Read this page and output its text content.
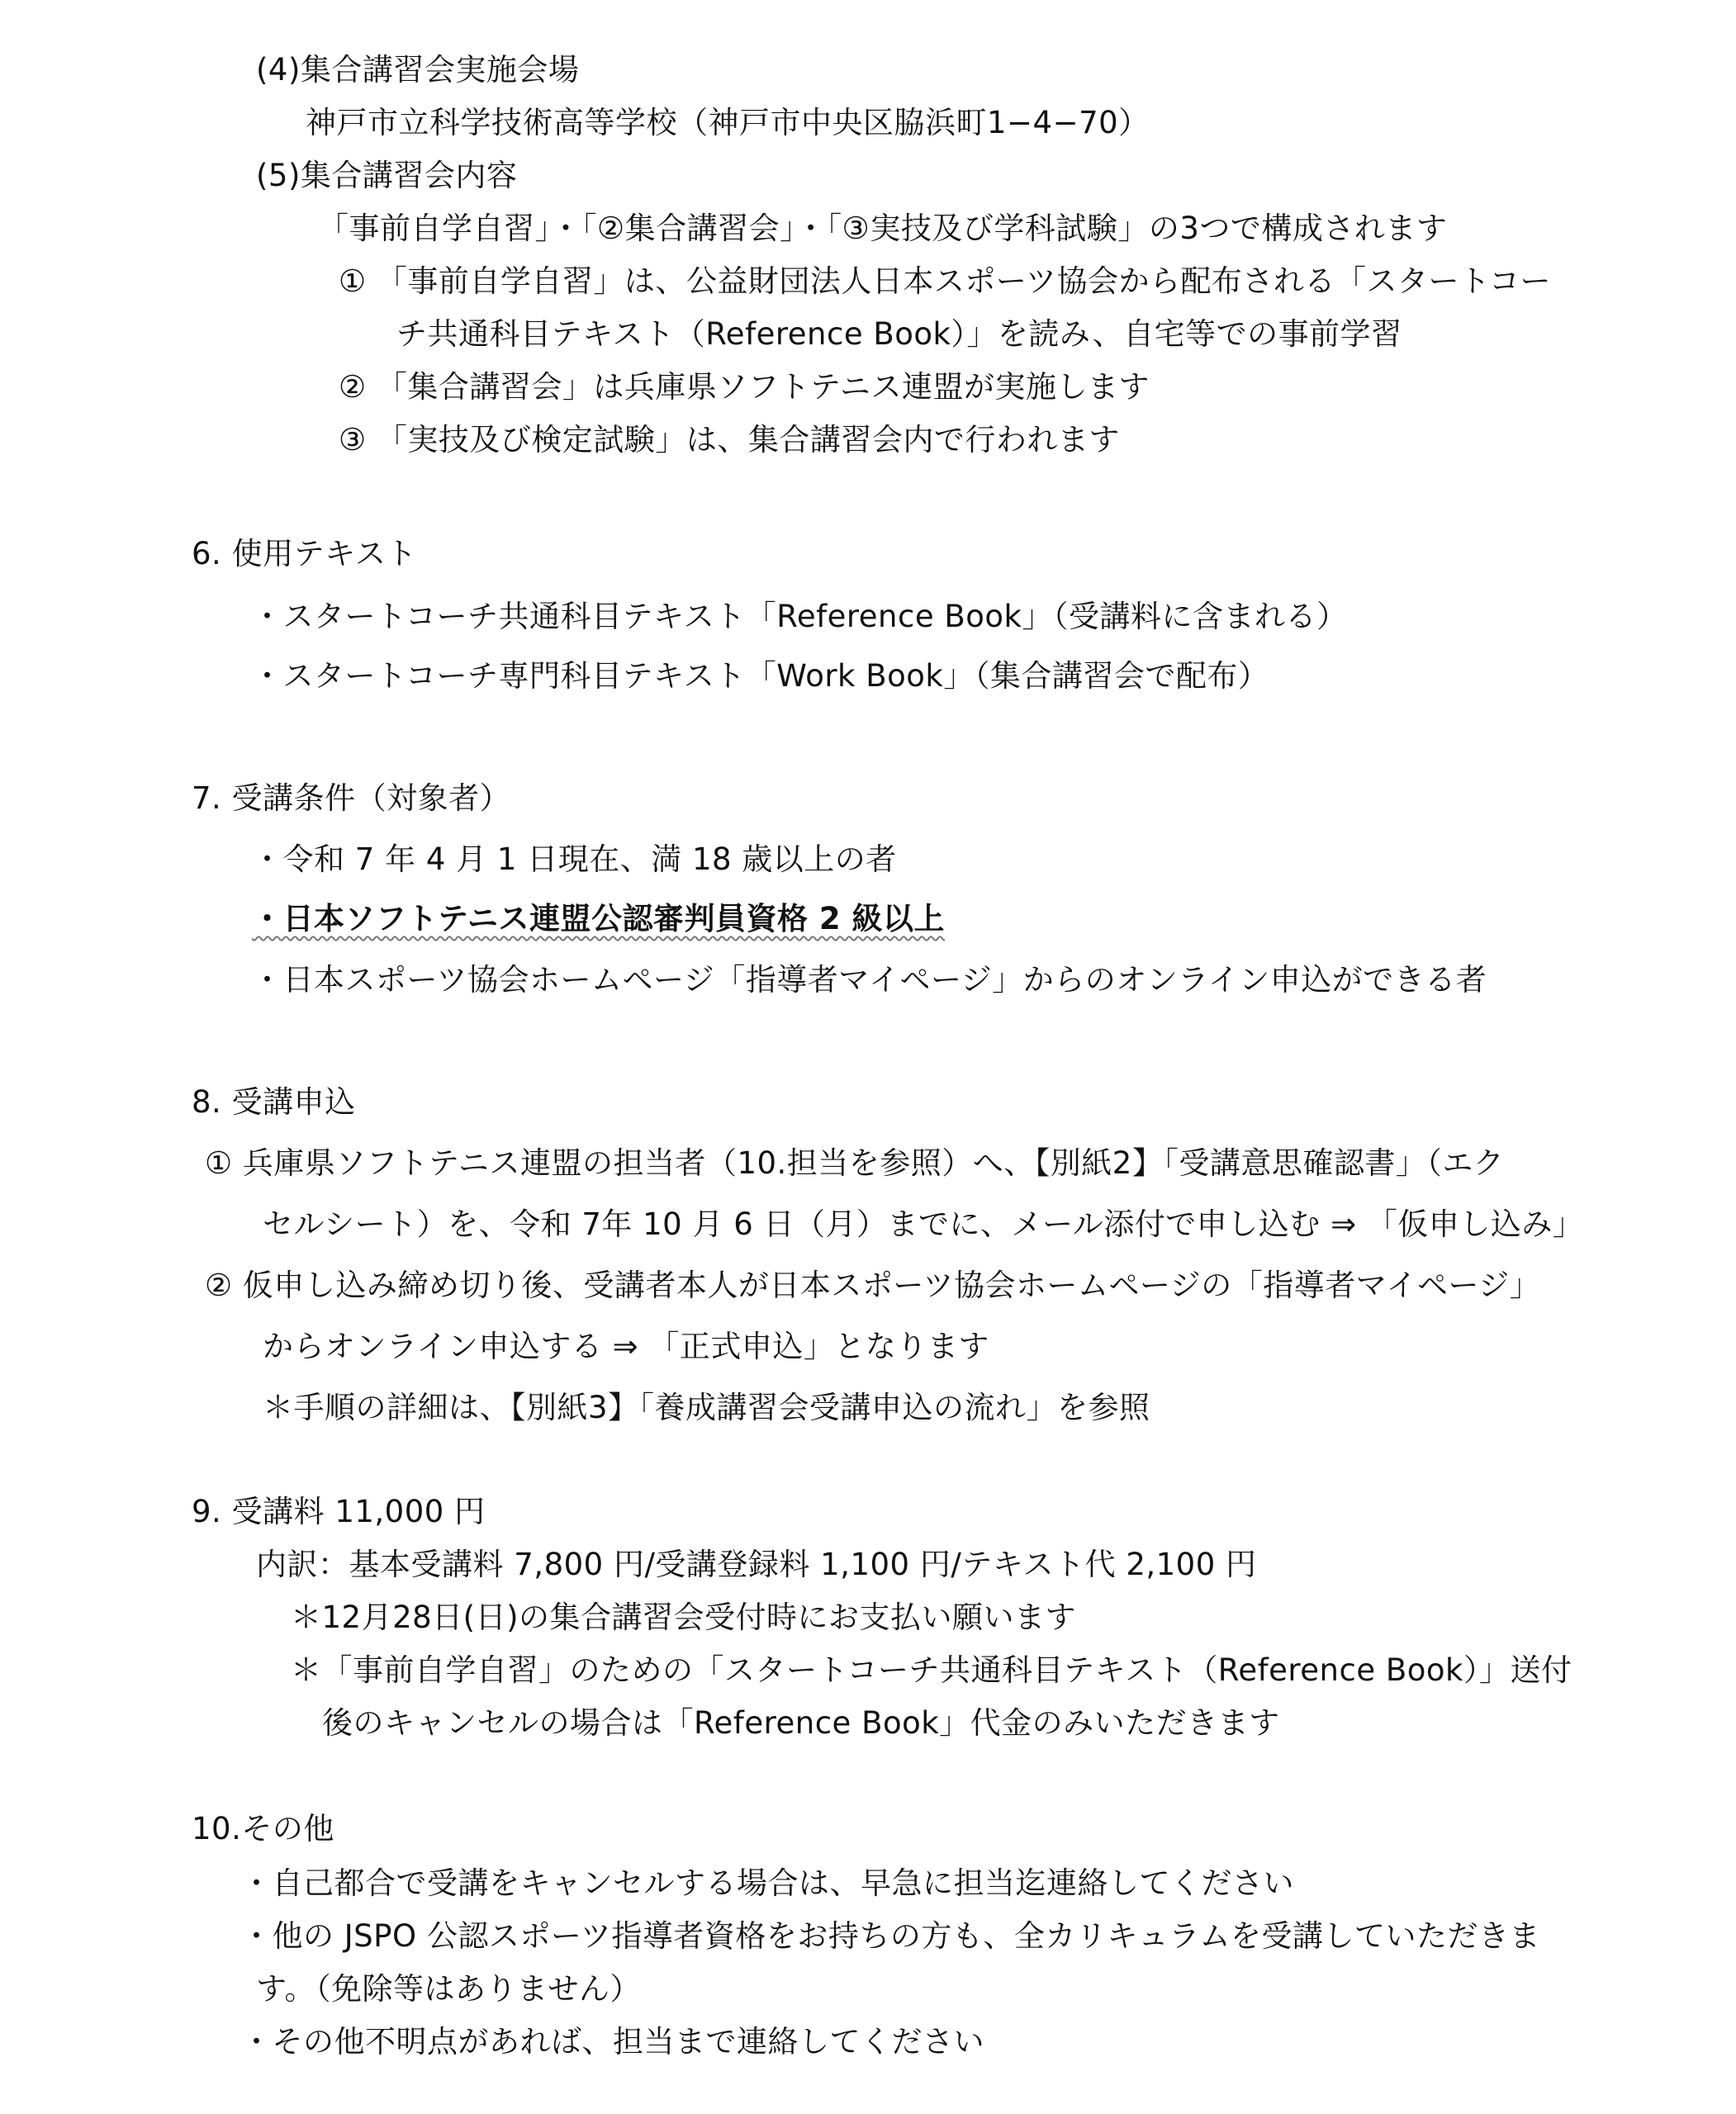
(4)集合講習会実施会場
神戸市立科学技術高等学校（神戸市中央区脇浜町1−4−70）
(5)集合講習会内容
「事前自学自習」・「②集合講習会」・「③実技及び学科試験」の3つで構成されます
① 「事前自学自習」は、公益財団法人日本スポーツ協会から配布される「スタートコー
チ共通科目テキスト（Reference Book）」を読み、自宅等での事前学習
② 「集合講習会」は兵庫県ソフトテニス連盟が実施します
③ 「実技及び検定試験」は、集合講習会内で行われます
6. 使用テキスト
・スタートコーチ共通科目テキスト「Reference Book」（受講料に含まれる）
・スタートコーチ専門科目テキスト「Work Book」（集合講習会で配布）
7. 受講条件（対象者）
・令和 7 年 4 月 1 日現在、満 18 歳以上の者
・日本ソフトテニス連盟公認審判員資格 2 級以上
・日本スポーツ協会ホームページ「指導者マイページ」からのオンライン申込ができる者
8. 受講申込
① 兵庫県ソフトテニス連盟の担当者（10.担当を参照）へ、【別紙2】「受講意思確認書」（エク
セルシート）を、令和 7年 10 月 6 日（月）までに、メール添付で申し込む ⇒ 「仮申し込み」
② 仮申し込み締め切り後、受講者本人が日本スポーツ協会ホームページの「指導者マイページ」
からオンライン申込する ⇒ 「正式申込」となります
＊手順の詳細は、【別紙3】「養成講習会受講申込の流れ」を参照
9. 受講料 11,000 円
内訳：基本受講料 7,800 円/受講登録料 1,100 円/テキスト代 2,100 円
＊12月28日(日)の集合講習会受付時にお支払い願います
＊「事前自学自習」のための「スタートコーチ共通科目テキスト（Reference Book）」送付
後のキャンセルの場合は「Reference Book」代金のみいただきます
10.その他
・自己都合で受講をキャンセルする場合は、早急に担当迄連絡してください
・他の JSPO 公認スポーツ指導者資格をお持ちの方も、全カリキュラムを受講していただきま
す。（免除等はありません）
・その他不明点があれば、担当まで連絡してください
